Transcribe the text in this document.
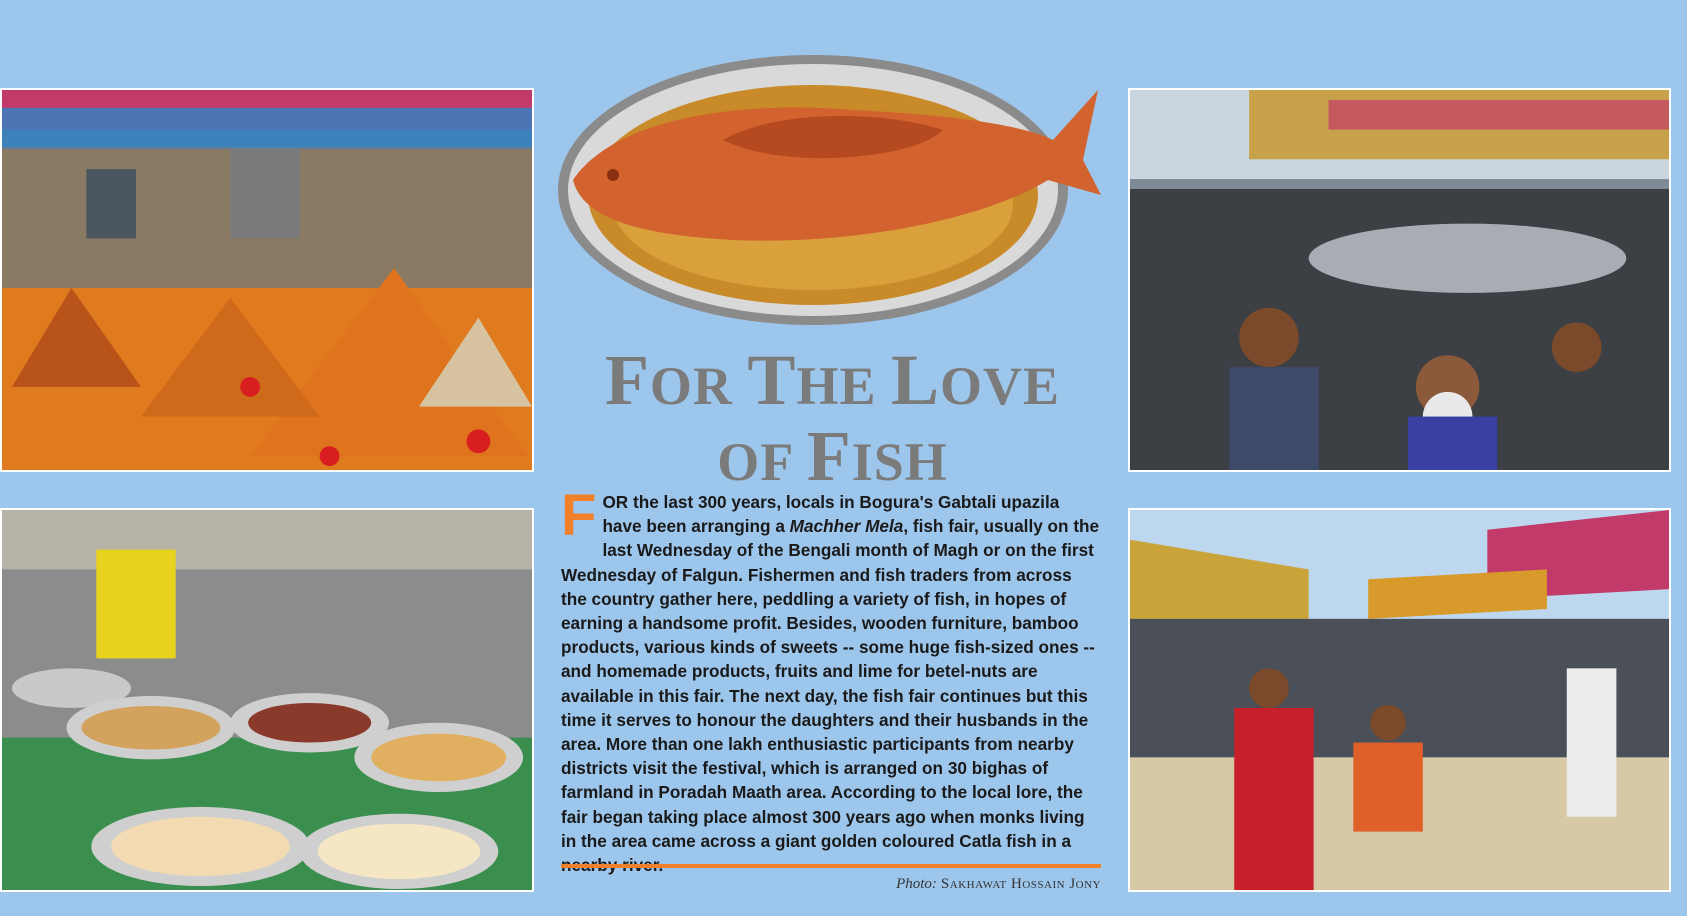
FOR THE LOVE
OF FISH
FOR the last 300 years, locals in Bogura's Gabtali upazila have been arranging a Machher Mela, fish fair, usually on the last Wednesday of the Bengali month of Magh or on the first Wednesday of Falgun. Fishermen and fish traders from across the country gather here, peddling a variety of fish, in hopes of earning a handsome profit. Besides, wooden furniture, bamboo products, various kinds of sweets -- some huge fish-sized ones -- and homemade products, fruits and lime for betel-nuts are available in this fair. The next day, the fish fair continues but this time it serves to honour the daughters and their husbands in the area. More than one lakh enthusiastic participants from nearby districts visit the festival, which is arranged on 30 bighas of farmland in Poradah Maath area. According to the local lore, the fair began taking place almost 300 years ago when monks living in the area came across a giant golden coloured Catla fish in a
Photo: Sakhawat Hossain Jony
